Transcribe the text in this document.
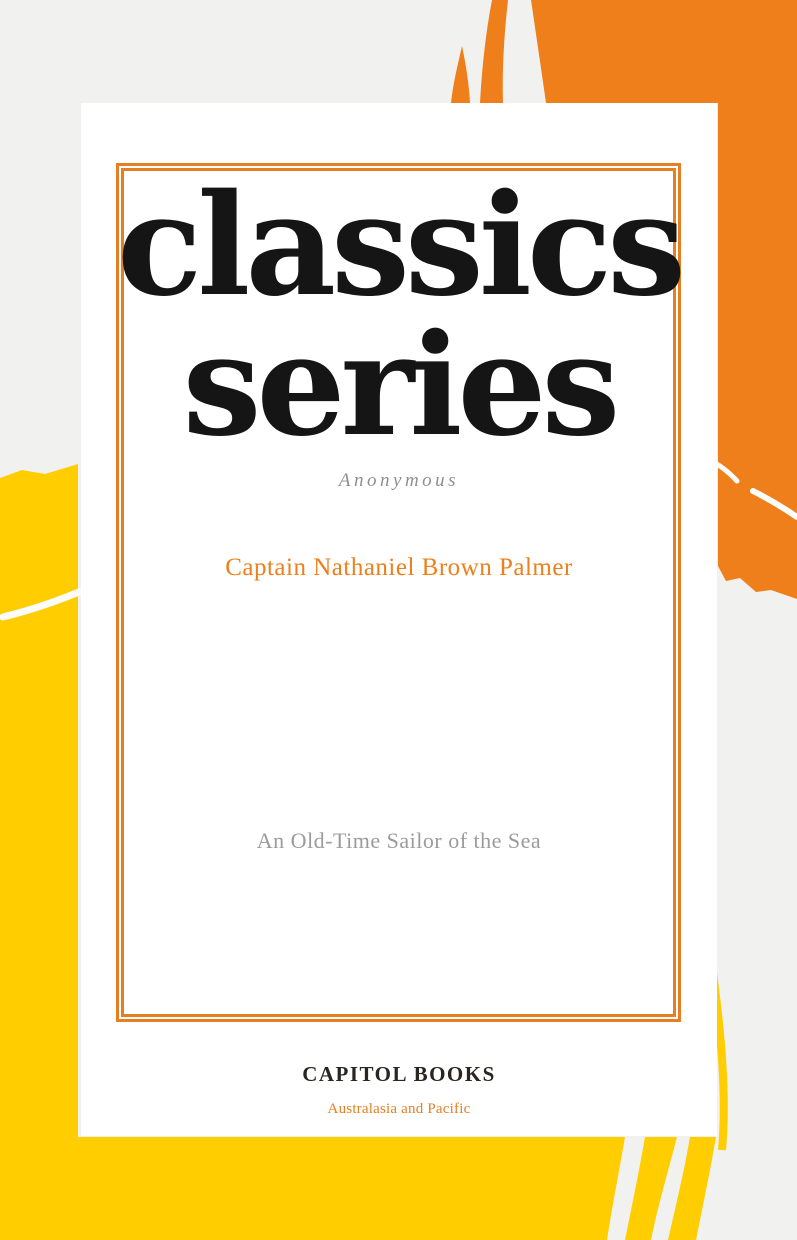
classics
series
Anonymous
Captain Nathaniel Brown Palmer
An Old-Time Sailor of the Sea
CAPITOL BOOKS
Australasia and Pacific
